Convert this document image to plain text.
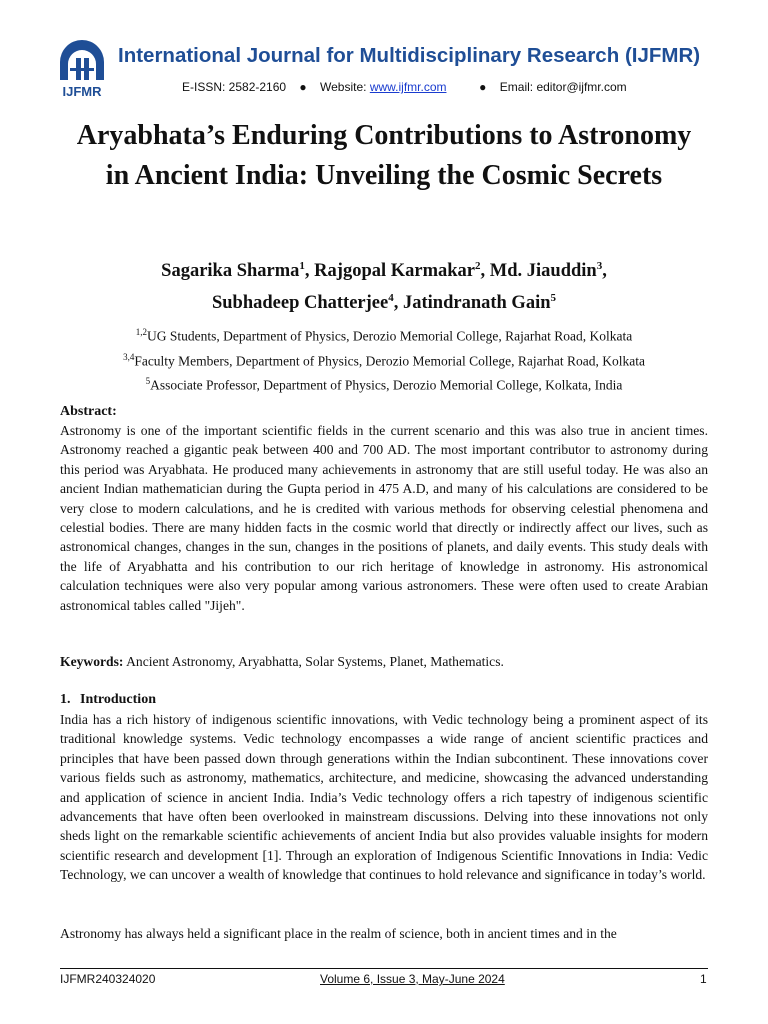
IJFMR
International Journal for Multidisciplinary Research (IJFMR)
E-ISSN: 2582-2160 ● Website: www.ijfmr.com	● Email: editor@ijfmr.com
Aryabhata’s Enduring Contributions to Astronomy in Ancient India: Unveiling the Cosmic Secrets
Sagarika Sharma$^1$, Rajgopal Karmakar$^2$, Md. Jiauddin$^3$,
Subhadeep Chatterjee$^4$, Jatindranath Gain$^5$
$^{1,2}$UG Students, Department of Physics, Derozio Memorial College, Rajarhat Road, Kolkata
$^{3,4}$Faculty Members, Department of Physics, Derozio Memorial College, Rajarhat Road, Kolkata
$^5$Associate Professor, Department of Physics, Derozio Memorial College, Kolkata, India
Abstract:
Astronomy is one of the important scientific fields in the current scenario and this was also true in ancient times. Astronomy reached a gigantic peak between 400 and 700 AD. The most important contributor to astronomy during this period was Aryabhata. He produced many achievements in astronomy that are still useful today. He was also an ancient Indian mathematician during the Gupta period in 475 A.D, and many of his calculations are considered to be very close to modern calculations, and he is credited with various methods for observing celestial phenomena and celestial bodies. There are many hidden facts in the cosmic world that directly or indirectly affect our lives, such as astronomical changes, changes in the sun, changes in the positions of planets, and daily events. This study deals with the life of Aryabhatta and his contribution to our rich heritage of knowledge in astronomy. His astronomical calculation techniques were also very popular among various astronomers. These were often used to create Arabian astronomical tables called "Jijeh".
Keywords: Ancient Astronomy, Aryabhatta, Solar Systems, Planet, Mathematics.
1. Introduction
India has a rich history of indigenous scientific innovations, with Vedic technology being a prominent aspect of its traditional knowledge systems. Vedic technology encompasses a wide range of ancient scientific practices and principles that have been passed down through generations within the Indian subcontinent. These innovations cover various fields such as astronomy, mathematics, architecture, and medicine, showcasing the advanced understanding and application of science in ancient India. India’s Vedic technology offers a rich tapestry of indigenous scientific advancements that have often been overlooked in mainstream discussions. Delving into these innovations not only sheds light on the remarkable scientific achievements of ancient India but also provides valuable insights for modern scientific research and development [1]. Through an exploration of Indigenous Scientific Innovations in India: Vedic Technology, we can uncover a wealth of knowledge that continues to hold relevance and significance in today’s world.
Astronomy has always held a significant place in the realm of science, both in ancient times and in the
IJFMR240324020	Volume 6, Issue 3, May-June 2024	1
